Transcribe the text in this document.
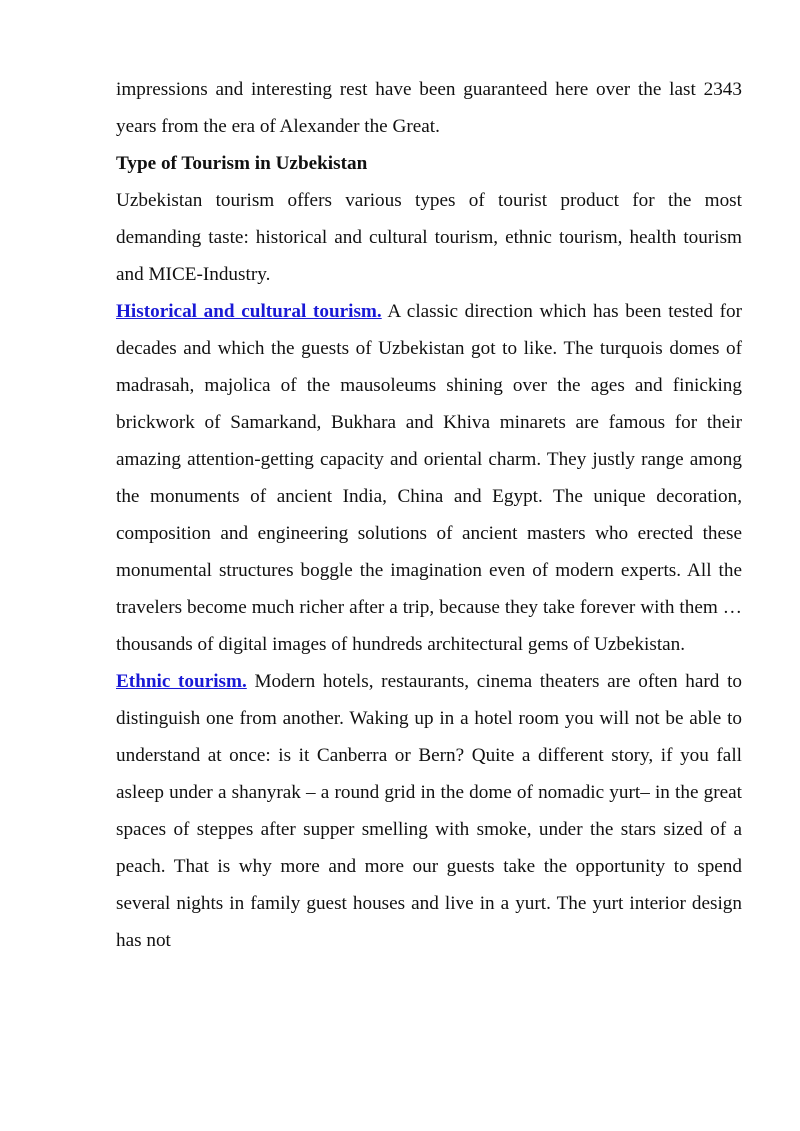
impressions and interesting rest have been guaranteed here over the last 2343 years from the era of Alexander the Great.

Type of Tourism in Uzbekistan

Uzbekistan tourism offers various types of tourist product for the most demanding taste: historical and cultural tourism, ethnic tourism, health tourism and MICE-Industry.

Historical and cultural tourism. A classic direction which has been tested for decades and which the guests of Uzbekistan got to like. The turquois domes of madrasah, majolica of the mausoleums shining over the ages and finicking brickwork of Samarkand, Bukhara and Khiva minarets are famous for their amazing attention-getting capacity and oriental charm. They justly range among the monuments of ancient India, China and Egypt. The unique decoration, composition and engineering solutions of ancient masters who erected these monumental structures boggle the imagination even of modern experts. All the travelers become much richer after a trip, because they take forever with them … thousands of digital images of hundreds architectural gems of Uzbekistan.

Ethnic tourism. Modern hotels, restaurants, cinema theaters are often hard to distinguish one from another. Waking up in a hotel room you will not be able to understand at once: is it Canberra or Bern? Quite a different story, if you fall asleep under a shanyrak – a round grid in the dome of nomadic yurt– in the great spaces of steppes after supper smelling with smoke, under the stars sized of a peach. That is why more and more our guests take the opportunity to spend several nights in family guest houses and live in a yurt. The yurt interior design has not
